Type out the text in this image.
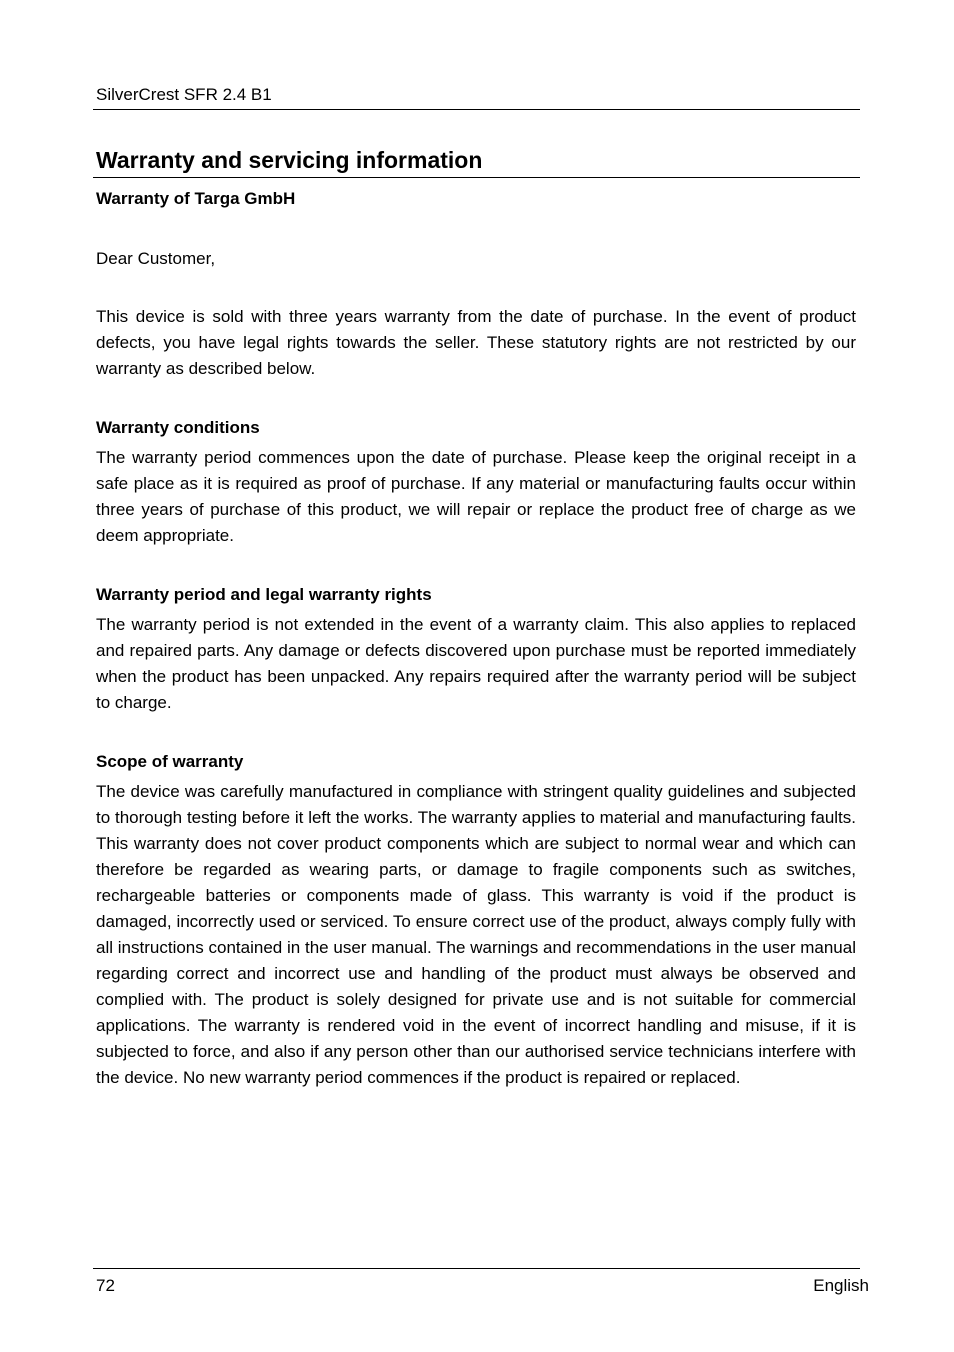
SilverCrest SFR 2.4 B1
Warranty and servicing information
Warranty of Targa GmbH

Dear Customer,

This device is sold with three years warranty from the date of purchase. In the event of product defects, you have legal rights towards the seller. These statutory rights are not restricted by our warranty as described below.

Warranty conditions

The warranty period commences upon the date of purchase. Please keep the original receipt in a safe place as it is required as proof of purchase. If any material or manufacturing faults occur within three years of purchase of this product, we will repair or replace the product free of charge as we deem appropriate.

Warranty period and legal warranty rights

The warranty period is not extended in the event of a warranty claim. This also applies to replaced and repaired parts. Any damage or defects discovered upon purchase must be reported immediately when the product has been unpacked. Any repairs required after the warranty period will be subject to charge.

Scope of warranty

The device was carefully manufactured in compliance with stringent quality guidelines and subjected to thorough testing before it left the works. The warranty applies to material and manufacturing faults. This warranty does not cover product components which are subject to normal wear and which can therefore be regarded as wearing parts, or damage to fragile components such as switches, rechargeable batteries or components made of glass. This warranty is void if the product is damaged, incorrectly used or serviced. To ensure correct use of the product, always comply fully with all instructions contained in the user manual. The warnings and recommendations in the user manual regarding correct and incorrect use and handling of the product must always be observed and complied with. The product is solely designed for private use and is not suitable for commercial applications. The warranty is rendered void in the event of incorrect handling and misuse, if it is subjected to force, and also if any person other than our authorised service technicians interfere with the device. No new warranty period commences if the product is repaired or replaced.

72	English
